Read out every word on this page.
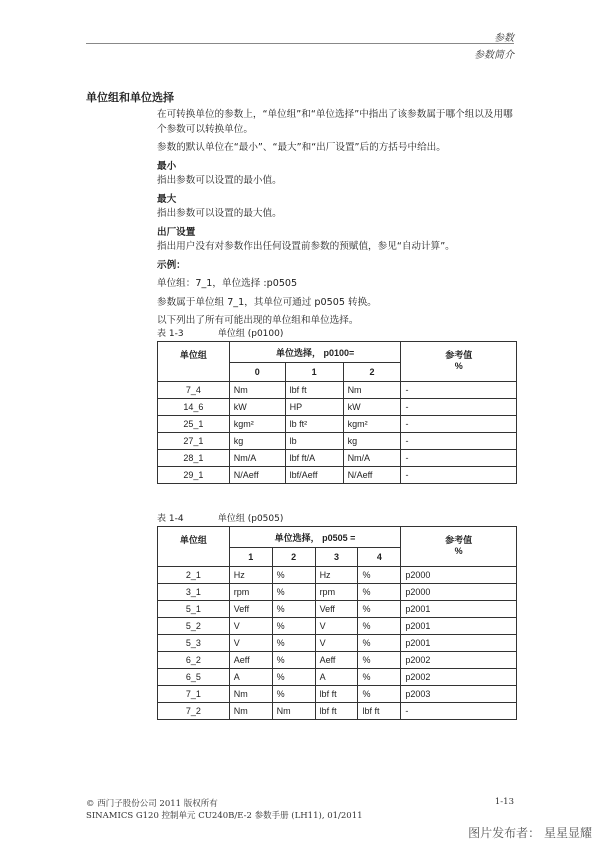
参数
参数简介
单位组和单位选择

在可转换单位的参数上，“单位组”和“单位选择”中指出了该参数属于哪个组以及用哪个参数可以转换单位。

参数的默认单位在“最小”、“最大”和“出厂设置”后的方括号中给出。

最小

指出参数可以设置的最小值。

最大

指出参数可以设置的最大值。

出厂设置

指出用户没有对参数作出任何设置前参数的预赋值，参见“自动计算”。

示例：

单位组：7_1，单位选择 :p0505

参数属于单位组 7_1，其单位可通过 p0505 转换。

以下列出了所有可能出现的单位组和单位选择。

表 1-3	单位组 (p0100)
单位组	单位选择， p0100=			参考值
%

	0	1	2	
7_4	Nm	lbf ft	Nm	-
14_6	kW	HP	kW	-
25_1	kgm²	lb ft²	kgm²	-
27_1	kg	lb	kg	-
28_1	Nm/A	lbf ft/A	Nm/A	-
29_1	N/Aeff	lbf/Aeff	N/Aeff	-
表 1-4	单位组 (p0505)
单位组	单位选择， p0505 =				参考值
%

	1	2	3	4	
2_1	Hz	%	Hz	%	p2000
3_1	rpm	%	rpm	%	p2000
5_1	Veff	%	Veff	%	p2001
5_2	V	%	V	%	p2001
5_3	V	%	V	%	p2001
6_2	Aeff	%	Aeff	%	p2002
6_5	A	%	A	%	p2002
7_1	Nm	%	lbf ft	%	p2003
7_2	Nm	Nm	lbf ft	lbf ft	-
© 西门子股份公司 2011 版权所有
SINAMICS G120 控制单元 CU240B/E-2 参数手册 (LH11), 01/2011
1-13
图片发布者： 星星显耀
